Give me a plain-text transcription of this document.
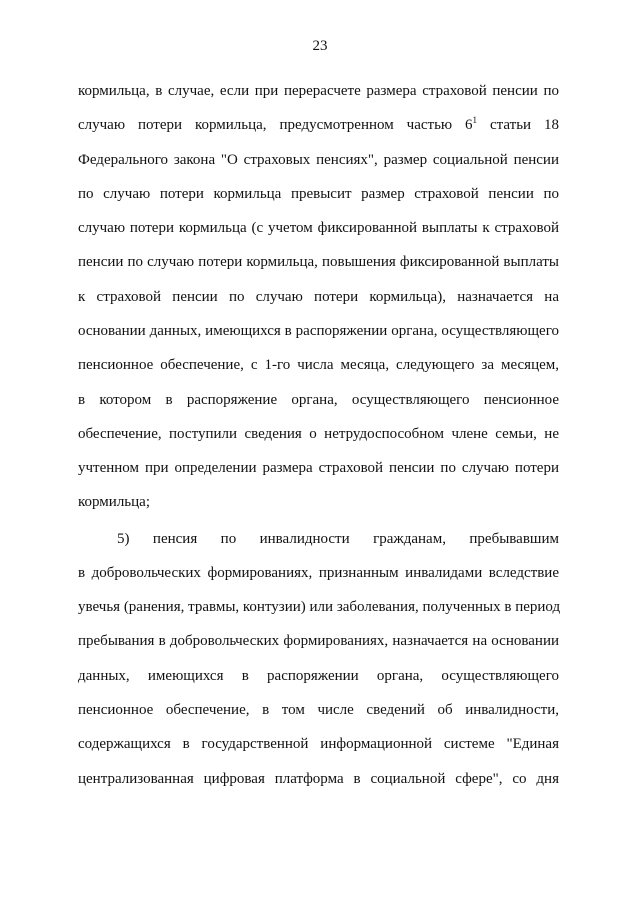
23
кормильца, в случае, если при перерасчете размера страховой пенсии по
случаю потери кормильца, предусмотренном частью 6$^1$ статьи 18
Федерального закона "О страховых пенсиях", размер социальной пенсии
по случаю потери кормильца превысит размер страховой пенсии по
случаю потери кормильца (с учетом фиксированной выплаты к страховой
пенсии по случаю потери кормильца, повышения фиксированной выплаты
к страховой пенсии по случаю потери кормильца), назначается на
основании данных, имеющихся в распоряжении органа, осуществляющего
пенсионное обеспечение, с 1-го числа месяца, следующего за месяцем,
в котором в распоряжение органа, осуществляющего пенсионное
обеспечение, поступили сведения о нетрудоспособном члене семьи, не
учтенном при определении размера страховой пенсии по случаю потери
кормильца;
5) пенсия по инвалидности гражданам, пребывавшим
в добровольческих формированиях, признанным инвалидами вследствие
увечья (ранения, травмы, контузии) или заболевания, полученных в период
пребывания в добровольческих формированиях, назначается на основании
данных, имеющихся в распоряжении органа, осуществляющего
пенсионное обеспечение, в том числе сведений об инвалидности,
содержащихся в государственной информационной системе "Единая
централизованная цифровая платформа в социальной сфере", со дня
